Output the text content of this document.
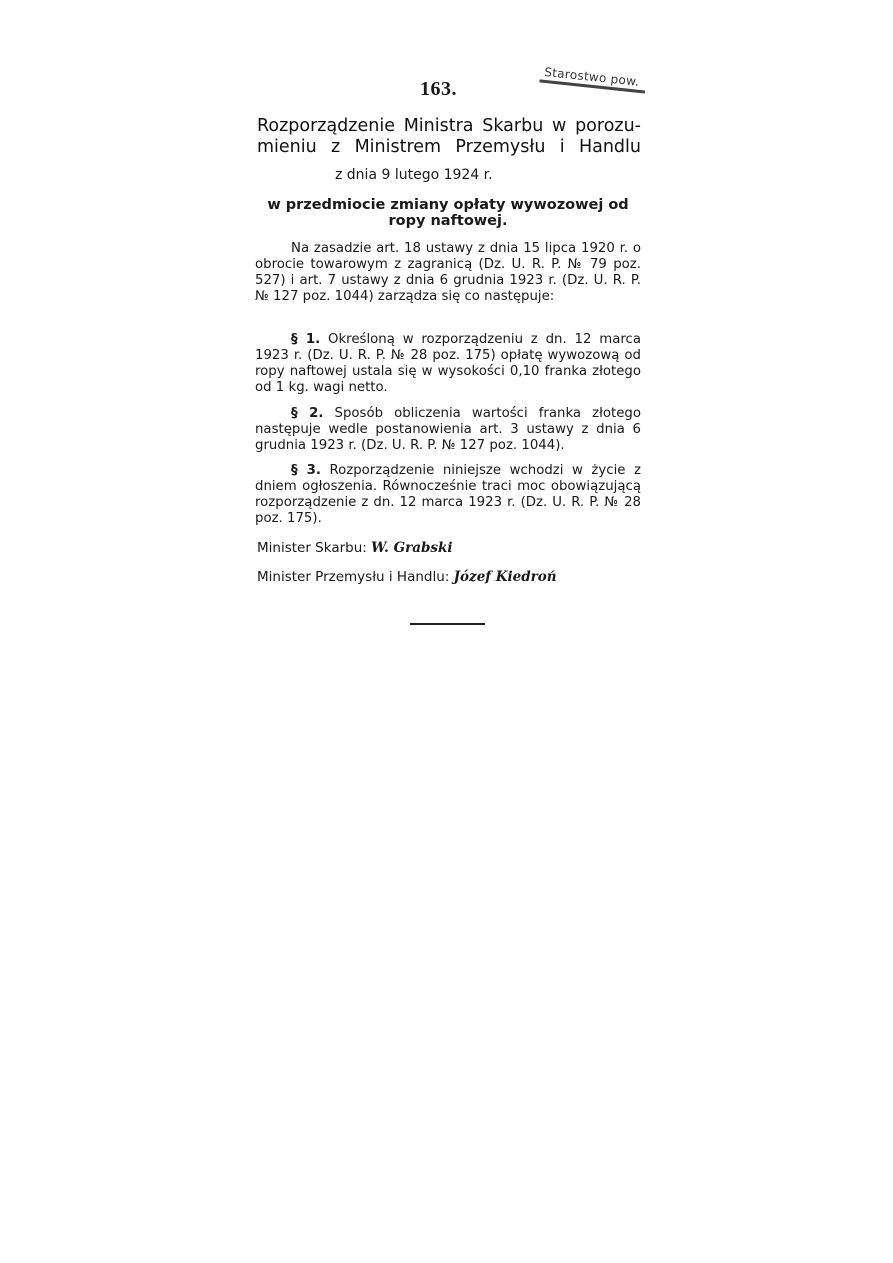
Starostwo pow.
163.
Rozporządzenie Ministra Skarbu w porozu-
mieniu z Ministrem Przemysłu i Handlu
z dnia 9 lutego 1924 r.
w przedmiocie zmiany opłaty wywozowej od
ropy naftowej.
Na zasadzie art. 18 ustawy z dnia 15 lipca 1920 r. o obrocie towarowym z zagranicą (Dz. U. R. P. № 79 poz. 527) i art. 7 ustawy z dnia 6 grudnia 1923 r. (Dz. U. R. P. № 127 poz. 1044) zarządza się co następuje:
§ 1. Określoną w rozporządzeniu z dn. 12 marca 1923 r. (Dz. U. R. P. № 28 poz. 175) opłatę wywozową od ropy naftowej ustala się w wysokości 0,10 franka złotego od 1 kg. wagi netto.
§ 2. Sposób obliczenia wartości franka złotego następuje wedle postanowienia art. 3 ustawy z dnia 6 grudnia 1923 r. (Dz. U. R. P. № 127 poz. 1044).
§ 3. Rozporządzenie niniejsze wchodzi w życie z dniem ogłoszenia. Równocześnie traci moc obowiązującą rozporządzenie z dn. 12 marca 1923 r. (Dz. U. R. P. № 28 poz. 175).
Minister Skarbu: W. Grabski
Minister Przemysłu i Handlu: Józef Kiedroń
